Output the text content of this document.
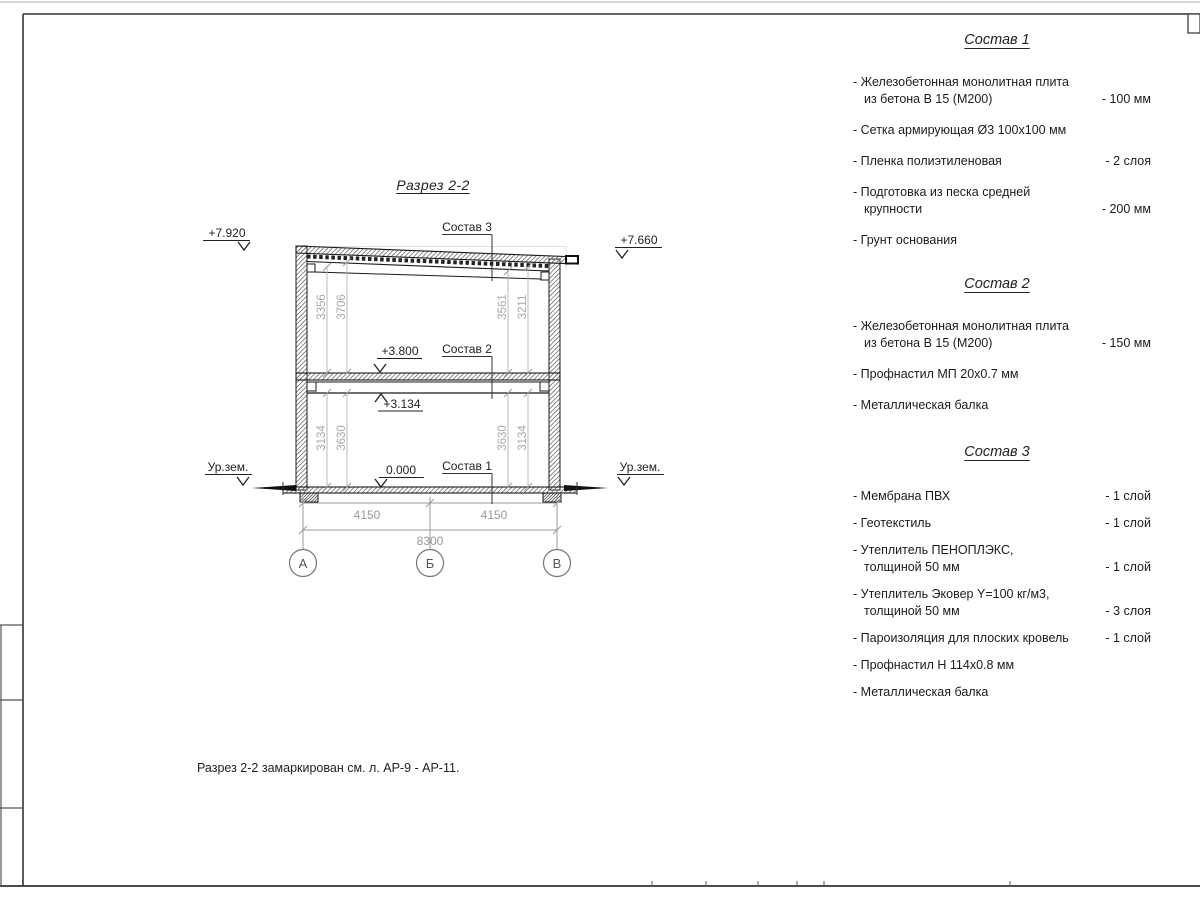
4150	4150
8300
А	Б	В
3356 3706	3561 3211
3134 3630	3630 3134
Состав 3
Состав 2
Состав 1
+7.920	+7.660
Ур.зем.	Ур.зем.
+3.800
+3.134
0.000
Разрез 2-2
Разрез 2-2 замаркирован см. л. АР-9 - АР-11.
Состав 1
- Железобетонная монолитная плита
из бетона В 15 (М200)	- 100 мм
- Сетка армирующая Ø3 100х100 мм
- Пленка полиэтиленовая	- 2 слоя
- Подготовка из песка средней
крупности	- 200 мм
- Грунт основания
Состав 2
- Железобетонная монолитная плита
из бетона В 15 (М200)	- 150 мм
- Профнастил МП 20х0.7 мм
- Металлическая балка
Состав 3
- Мембрана ПВХ	- 1 слой
- Геотекстиль	- 1 слой
- Утеплитель ПЕНОПЛЭКС,
толщиной 50 мм	- 1 слой
- Утеплитель Эковер Y=100 кг/м3,
толщиной 50 мм	- 3 слоя
- Пароизоляция для плоских кровель	- 1 слой
- Профнастил Н 114х0.8 мм
- Металлическая балка
